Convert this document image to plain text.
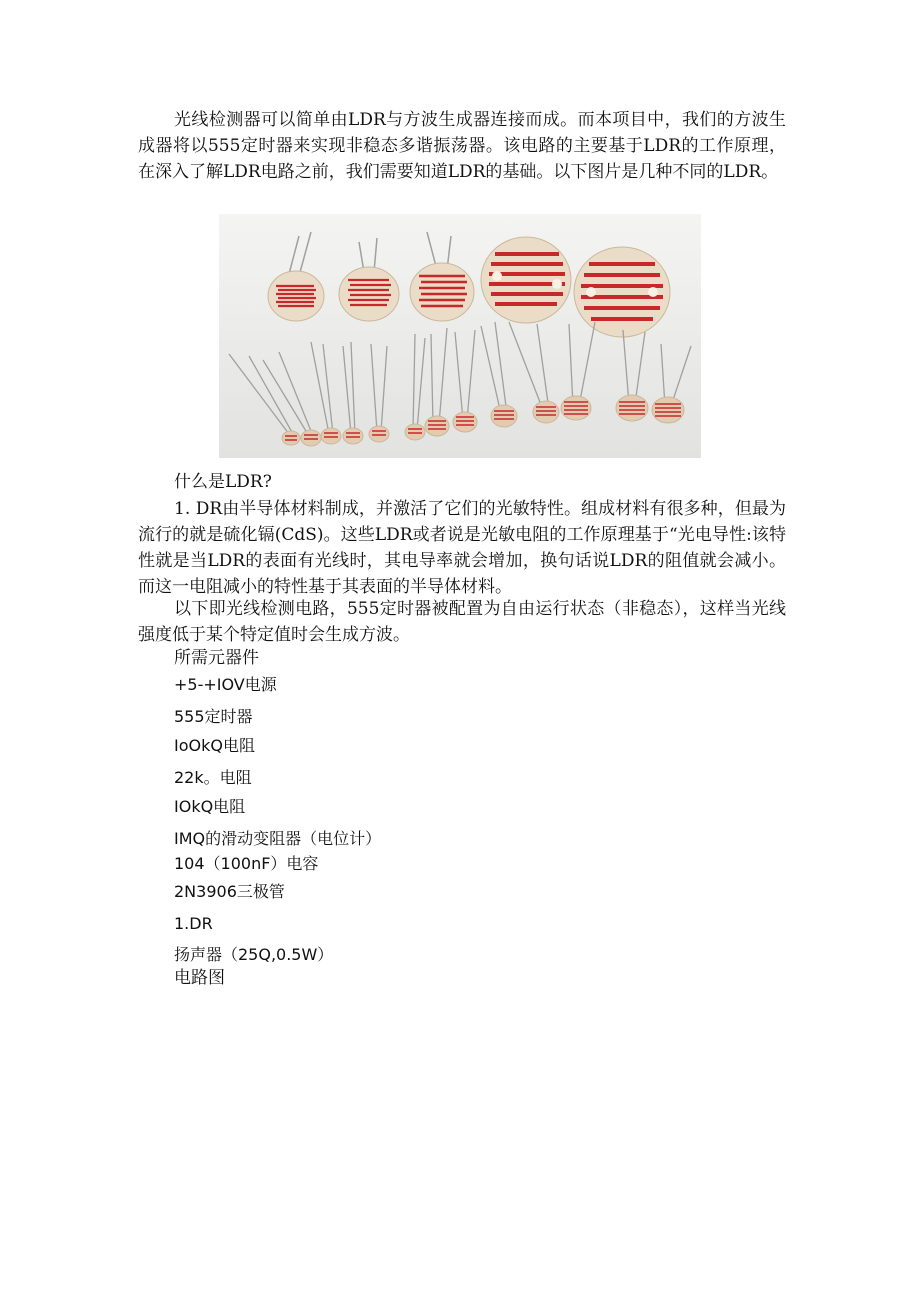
光线检测器可以简单由LDR与方波生成器连接而成。而本项目中，我们的方波生成器将以555定时器来实现非稳态多谐振荡器。该电路的主要基于LDR的工作原理，在深入了解LDR电路之前，我们需要知道LDR的基础。以下图片是几种不同的LDR。

什么是LDR?

1. DR由半导体材料制成，并激活了它们的光敏特性。组成材料有很多种，但最为流行的就是硫化镉(CdS)。这些LDR或者说是光敏电阻的工作原理基于“光电导性:该特性就是当LDR的表面有光线时，其电导率就会增加，换句话说LDR的阻值就会减小。而这一电阻减小的特性基于其表面的半导体材料。

以下即光线检测电路，555定时器被配置为自由运行状态（非稳态），这样当光线强度低于某个特定值时会生成方波。

所需元器件

+5-+IOV电源

555定时器

IoOkQ电阻

22k。电阻

IOkQ电阻

IMQ的滑动变阻器（电位计）

104（100nF）电容

2N3906三极管

1.DR

扬声器（25Q,0.5W）

电路图
